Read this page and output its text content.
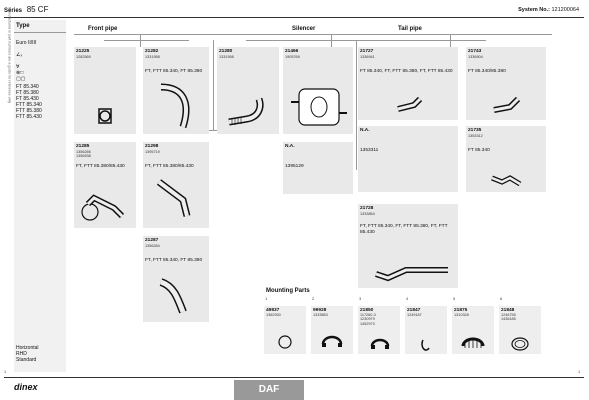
Series 85 CF	System No.: 121200064
Manufactured in part numbers are a guide for reference only Type
Euro II/III
∠ₓ
∀
⊗□
▢▢
FT 85.340
FT 85.380
FT 85.430
FTT 85.340
FTT 85.380
FTT 85.430
Horizontal
RHD
Standard
Front pipe	Silencer	Tail pipe
21225
1282569
21282
1331958
FT, FTT 85.340, FT 85.380
21280
1331958
21466
1905769
21727
1336941
FT 85.340, FT, FTT 85.380, FT, FTT 85.430
21743
1336904
FT 85.340/85.380
21285
1356266
1356538
FT, FTT 85.380/85.430
21298
1395719
FT, FTT 85.380/85.430
N.A.
1395129
N.A.
1353311
21735
1353312
FT 85.340
21728
1333854
FT, FTT 85.340, FT, FTT 85.380, FT, FTT 85.430
21287
1356284
FT, FTT 85.340, FT 85.380
Mounting Parts
1
49837
1362930
2
99928
1333853
3
21850
117260-3
1230979
1452973
4
21847
1249187
5
21875
1310328
6
21848
1246755
1436185
dinex	DAF
1	1
